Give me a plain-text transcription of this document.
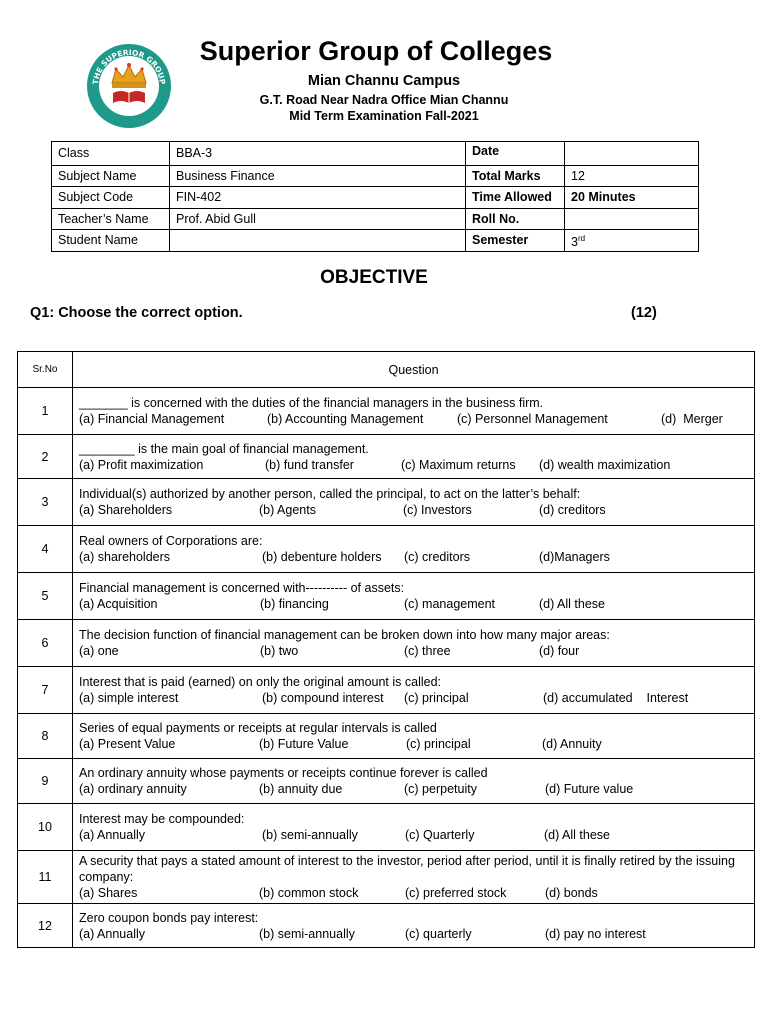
THE SUPERIOR GROUP
MIAN CHANNU
Superior Group of Colleges
Mian Channu Campus
G.T. Road Near Nadra Office Mian Channu
Mid Term Examination Fall-2021
Class	BBA-3	Date	
Subject Name	Business Finance	Total Marks	12
Subject Code	FIN-402	Time Allowed	20 Minutes
Teacher’s Name	Prof. Abid Gull	Roll No.	
Student Name		Semester	3rd
OBJECTIVE
Q1: Choose the correct option.	(12)
Sr.No	Question
1	_______ is concerned with the duties of the financial managers in the business firm.
(a) Financial Management (b) Accounting Management (c) Personnel Management (d)  Merger

2	________ is the main goal of financial management.
(a) Profit maximization (b) fund transfer (c) Maximum returns (d) wealth maximization

3	Individual(s) authorized by another person, called the principal, to act on the latter’s behalf:
(a) Shareholders (b) Agents (c) Investors (d) creditors

4	Real owners of Corporations are:
(a) shareholders (b) debenture holders (c) creditors (d)Managers

5	Financial management is concerned with---------- of assets:
(a) Acquisition (b) financing (c) management (d) All these

6	The decision function of financial management can be broken down into how many major areas:
(a) one (b) two (c) three (d) four

7	Interest that is paid (earned) on only the original amount is called:
(a) simple interest (b) compound interest (c) principal (d) accumulated    Interest

8	Series of equal payments or receipts at regular intervals is called
(a) Present Value (b) Future Value (c) principal (d) Annuity

9	An ordinary annuity whose payments or receipts continue forever is called
(a) ordinary annuity (b) annuity due (c) perpetuity (d) Future value

10	Interest may be compounded:
(a) Annually (b) semi-annually (c) Quarterly (d) All these

11	A security that pays a stated amount of interest to the investor, period after period, until it is finally retired by the issuing company:
(a) Shares (b) common stock (c) preferred stock (d) bonds

12	Zero coupon bonds pay interest:
(a) Annually (b) semi-annually (c) quarterly (d) pay no interest
